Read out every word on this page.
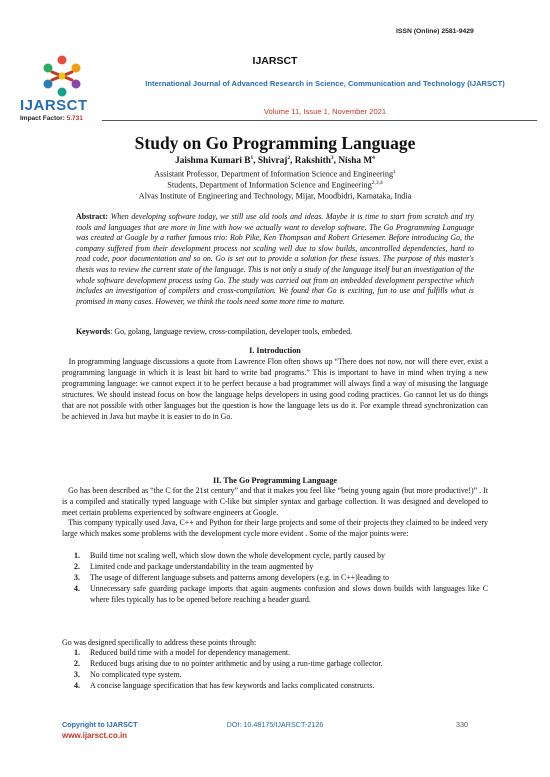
ISSN (Online) 2581-9429
IJARSCT
IJARSCT
Impact Factor: 5.731
International Journal of Advanced Research in Science, Communication and Technology (IJARSCT)
Volume 11, Issue 1, November 2021
Study on Go Programming Language
Jaishma Kumari $B^1$, Shivraj$^2$, Rakshith$^3$, Nisha $M^4$
Assistant Professor, Department of Information Science and Engineering$^1$
Students, Department of Information Science and Engineering$^{2,3,4}$
Alvas Institute of Engineering and Technology, Mijar, Moodbidri, Karnataka, India
Abstract: When developing software today, we still use old tools and ideas. Maybe it is time to start from scratch and try tools and languages that are more in line with how we actually want to develop software. The Go Programming Language was created at Google by a rather famous trio: Rob Pike, Ken Thompson and Robert Griesemer. Before introducing Go, the company suffered from their development process not scaling well due to slow builds, uncontrolled dependencies, hard to read code, poor documentation and so on. Go is set out to provide a solution for these issues. The purpose of this master's thesis was to review the current state of the language. This is not only a study of the language itself but an investigation of the whole software development process using Go. The study was carried out from an embedded development perspective which includes an investigation of compilers and cross-compilation. We found that Go is exciting, fun to use and fulfills what is promised in many cases. However, we think the tools need some more time to mature.
Keywords: Go, golang, language review, cross-compilation, developer tools, embeded.
I. Introduction
In programming language discussions a quote from Lawrence Flon often shows up “There does not now, nor will there ever, exist a programming language in which it is least bit hard to write bad programs.” This is important to have in mind when trying a new programming language: we cannot expect it to be perfect because a bad programmer will always find a way of misusing the language structures. We should instead focus on how the language helps developers in using good coding practices. Go cannot let us do things that are not possible with other languages but the question is how the language lets us do it. For example thread synchronization can be achieved in Java but maybe it is easier to do in Go.
II. The Go Programming Language
Go has been described as “the C for the 21st century” and that it makes you feel like “being young again (but more productive!)” . It is a compiled and statically typed language with C-like but simpler syntax and garbage collection. It was designed and developed to meet certain problems experienced by software engineers at Google.
This company typically used Java, C++ and Python for their large projects and some of their projects they claimed to be indeed very large which makes some problems with the development cycle more evident . Some of the major points were:
1. Build time not scaling well, which slow down the whole development cycle, partly caused by
2. Limited code and package understandability in the team augmented by
3. The usage of different language subsets and patterns among developers (e.g. in C++)leading to
4. Unnecessary safe guarding package imports that again augments confusion and slows down builds with languages like C where files typically has to be opened before reaching a header guard.
Go was designed specifically to address these points through:
1. Reduced build time with a model for dependency management.
2. Reduced bugs arising due to no pointer arithmetic and by using a run-time garbage collector.
3. No complicated type system.
4. A concise language specification that has few keywords and lacks complicated constructs.
Copyright to IJARSCT	DOI: 10.48175/IJARSCT-2126	330
www.ijarsct.co.in
